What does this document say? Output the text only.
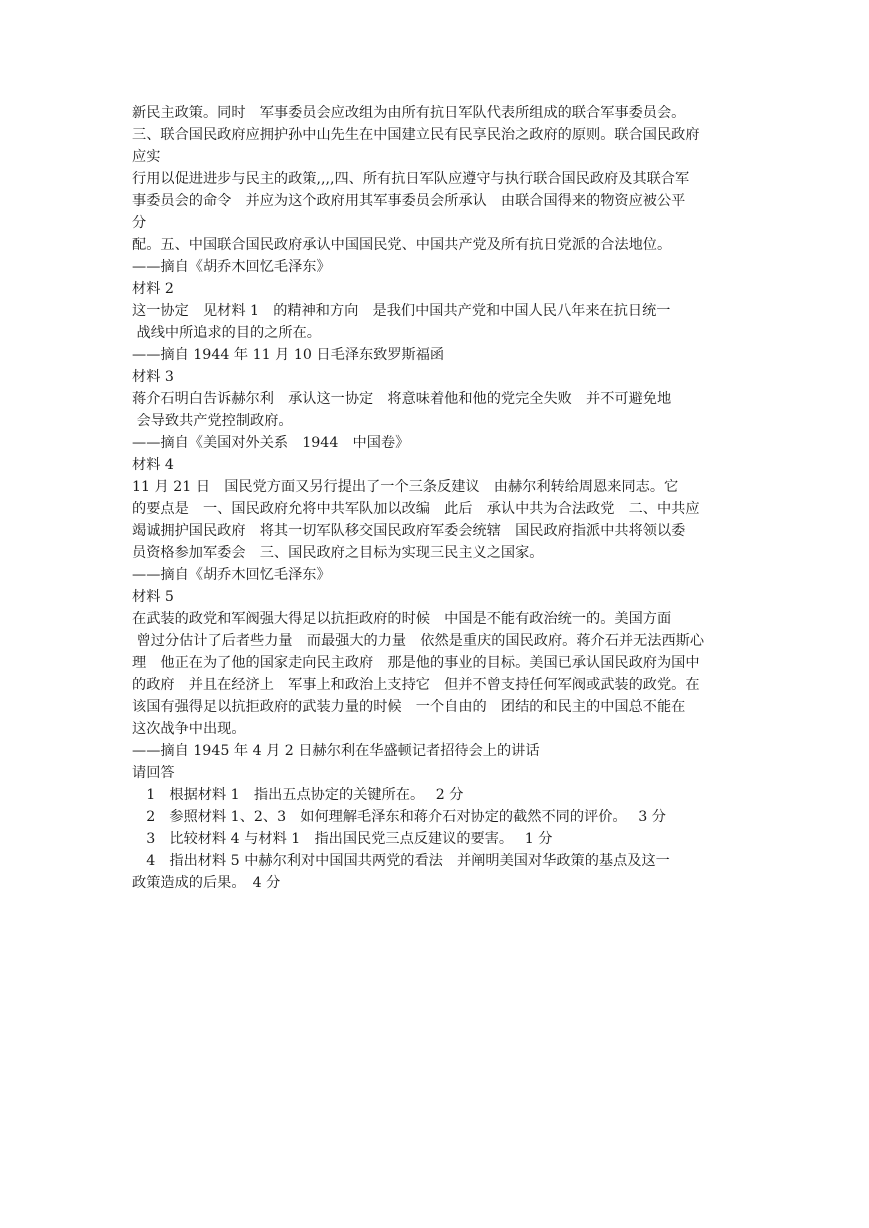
新民主政策。同时　军事委员会应改组为由所有抗日军队代表所组成的联合军事委员会。
三、联合国民政府应拥护孙中山先生在中国建立民有民享民治之政府的原则。联合国民政府
应实
行用以促进进步与民主的政策,,,,四、所有抗日军队应遵守与执行联合国民政府及其联合军
事委员会的命令　并应为这个政府用其军事委员会所承认　由联合国得来的物资应被公平
分
配。五、中国联合国民政府承认中国国民党、中国共产党及所有抗日党派的合法地位。
——摘自《胡乔木回忆毛泽东》
材料 2
这一协定　见材料 1　的精神和方向　是我们中国共产党和中国人民八年来在抗日统一
战线中所追求的目的之所在。
——摘自 1944 年 11 月 10 日毛泽东致罗斯福函
材料 3
蒋介石明白告诉赫尔利　承认这一协定　将意味着他和他的党完全失败　并不可避免地
会导致共产党控制政府。
——摘自《美国对外关系　1944　中国卷》
材料 4
11 月 21 日　国民党方面又另行提出了一个三条反建议　由赫尔利转给周恩来同志。它
的要点是　一、国民政府允将中共军队加以改编　此后　承认中共为合法政党　二、中共应
竭诚拥护国民政府　将其一切军队移交国民政府军委会统辖　国民政府指派中共将领以委
员资格参加军委会　三、国民政府之目标为实现三民主义之国家。
——摘自《胡乔木回忆毛泽东》
材料 5
在武装的政党和军阀强大得足以抗拒政府的时候　中国是不能有政治统一的。美国方面
曾过分估计了后者些力量　而最强大的力量　依然是重庆的国民政府。蒋介石并无法西斯心
理　他正在为了他的国家走向民主政府　那是他的事业的目标。美国已承认国民政府为国中
的政府　并且在经济上　军事上和政治上支持它　但并不曾支持任何军阀或武装的政党。在
该国有强得足以抗拒政府的武装力量的时候　一个自由的　团结的和民主的中国总不能在
这次战争中出现。
——摘自 1945 年 4 月 2 日赫尔利在华盛顿记者招待会上的讲话
请回答
　1　根据材料 1　指出五点协定的关键所在。　 2 分
　2　参照材料 1、2、3　如何理解毛泽东和蒋介石对协定的截然不同的评价。　 3 分
　3　比较材料 4 与材料 1　指出国民党三点反建议的要害。　 1 分
　4　指出材料 5 中赫尔利对中国国共两党的看法　并阐明美国对华政策的基点及这一
政策造成的后果。　4 分
